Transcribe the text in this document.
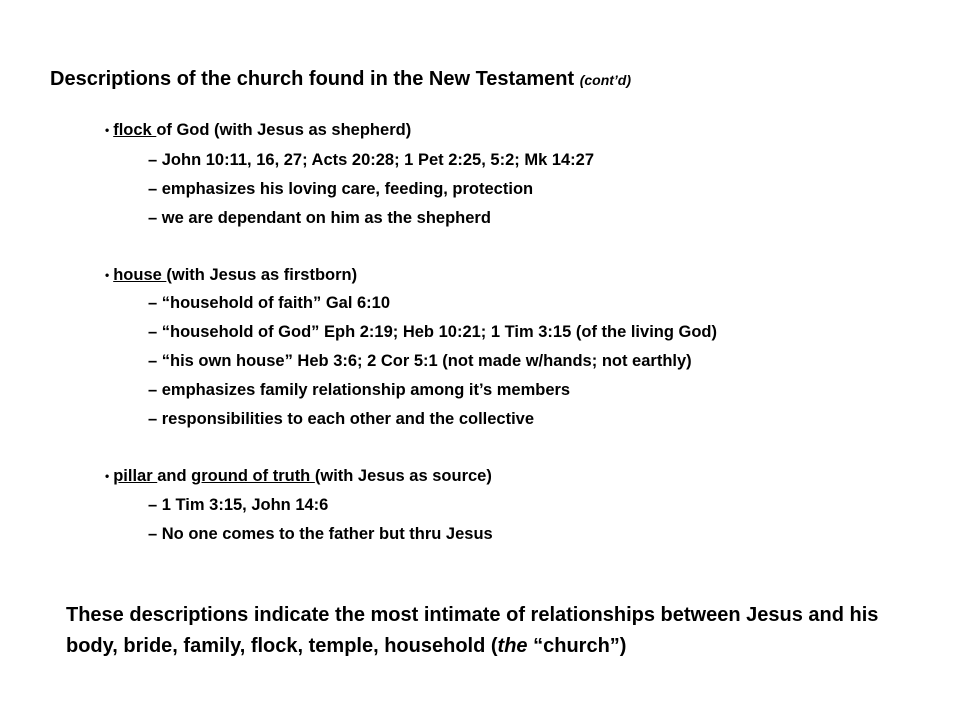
Descriptions of the church found in the New Testament (cont’d)
• flock of God (with Jesus as shepherd)
– John 10:11, 16, 27; Acts 20:28; 1 Pet 2:25, 5:2; Mk 14:27
– emphasizes his loving care, feeding, protection
– we are dependant on him as the shepherd
• house (with Jesus as firstborn)
– “household of faith” Gal 6:10
– “household of God” Eph 2:19; Heb 10:21; 1 Tim 3:15 (of the living God)
– “his own house” Heb 3:6; 2 Cor 5:1 (not made w/hands; not earthly)
– emphasizes family relationship among it’s members
– responsibilities to each other and the collective
• pillar and ground of truth (with Jesus as source)
– 1 Tim 3:15, John 14:6
– No one comes to the father but thru Jesus
These descriptions indicate the most intimate of relationships between Jesus and his body, bride, family, flock, temple, household (the “church”)
